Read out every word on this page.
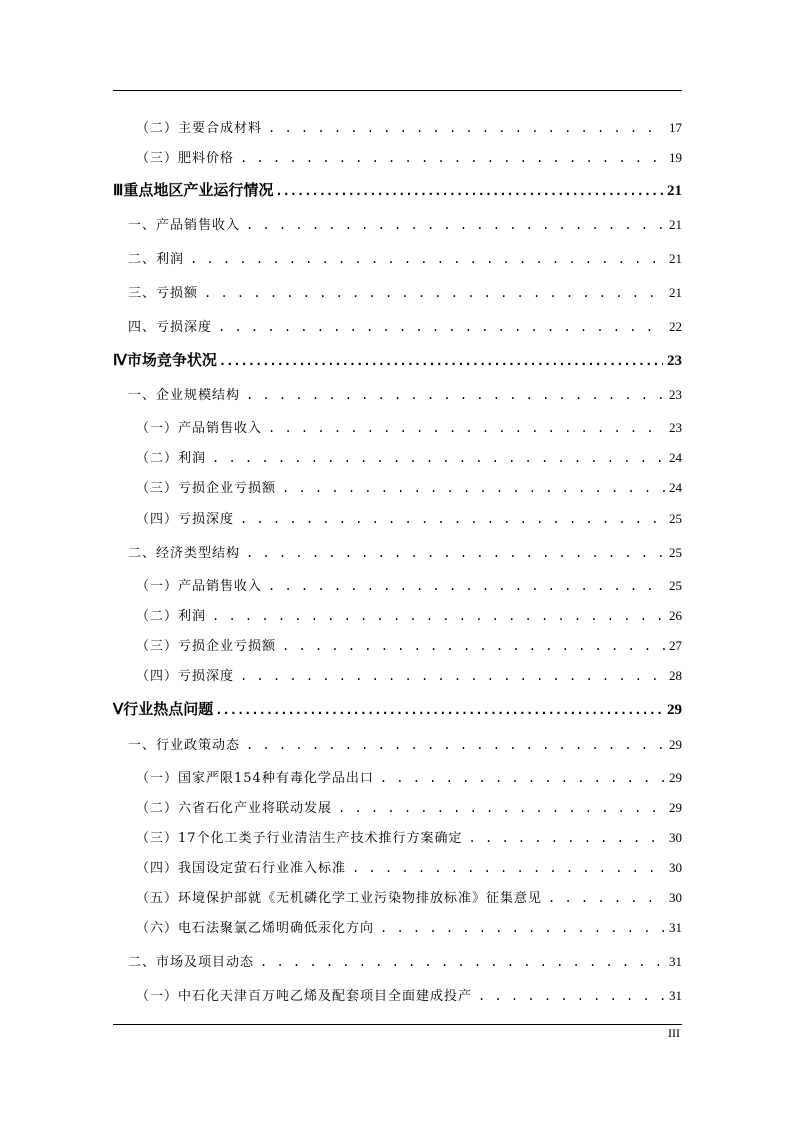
（二）主要合成材料 . . .	17
（三）肥料价格 . . .	19
Ⅲ 重点地区产业运行情况 .....	21
一、产品销售收入 . . .	21
二、利润 . . .	21
三、亏损额 . . .	21
四、亏损深度 . . .	22
Ⅳ 市场竞争状况 .....	23
一、企业规模结构 . . .	23
（一）产品销售收入 . . .	23
（二）利润 . . .	24
（三）亏损企业亏损额 . . .	24
（四）亏损深度 . . .	25
二、经济类型结构 . . .	25
（一）产品销售收入 . . .	25
（二）利润 . . .	26
（三）亏损企业亏损额 . . .	27
（四）亏损深度 . . .	28
Ⅴ 行业热点问题 .....	29
一、行业政策动态 . . .	29
（一）国家严限154种有毒化学品出口 . . .	29
（二）六省石化产业将联动发展 . . .	29
（三）17个化工类子行业清洁生产技术推行方案确定 . . .	30
（四）我国设定萤石行业准入标准 . . .	30
（五）环境保护部就《无机磷化学工业污染物排放标准》征集意见 . . .	30
（六）电石法聚氯乙烯明确低汞化方向 . . .	31
二、市场及项目动态 . . .	31
（一）中石化天津百万吨乙烯及配套项目全面建成投产 . . .	31
III
